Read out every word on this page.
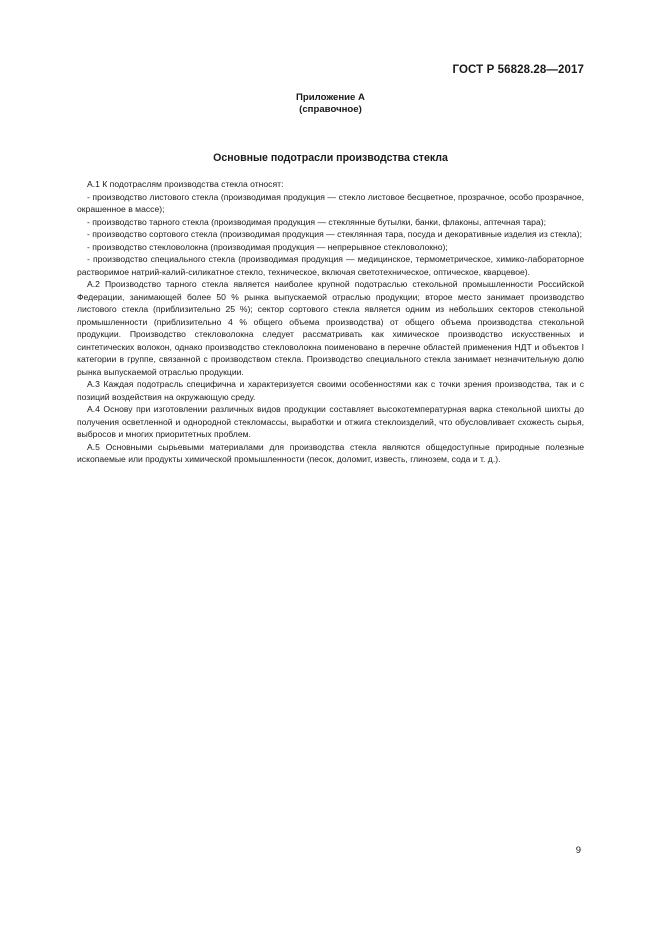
ГОСТ Р 56828.28—2017
Приложение А
(справочное)
Основные подотрасли производства стекла

А.1 К подотраслям производства стекла относят:

- производство листового стекла (производимая продукция — стекло листовое бесцветное, прозрачное, особо прозрачное, окрашенное в массе);

- производство тарного стекла (производимая продукция — стеклянные бутылки, банки, флаконы, аптечная тара);

- производство сортового стекла (производимая продукция — стеклянная тара, посуда и декоративные изделия из стекла);

- производство стекловолокна (производимая продукция — непрерывное стекловолокно);

- производство специального стекла (производимая продукция — медицинское, термометрическое, химико-лабораторное растворимое натрий-калий-силикатное стекло, техническое, включая светотехническое, оптическое, кварцевое).

А.2 Производство тарного стекла является наиболее крупной подотраслью стекольной промышленности Российской Федерации, занимающей более 50 % рынка выпускаемой отраслью продукции; второе место занимает производство листового стекла (приблизительно 25 %); сектор сортового стекла является одним из небольших секторов стекольной промышленности (приблизительно 4 % общего объема производства) от общего объема производства стекольной продукции. Производство стекловолокна следует рассматривать как химическое производство искусственных и синтетических волокон, однако производство стекловолокна поименовано в перечне областей применения НДТ и объектов I категории в группе, связанной с производством стекла. Производство специального стекла занимает незначительную долю рынка выпускаемой отраслью продукции.

А.3 Каждая подотрасль специфична и характеризуется своими особенностями как с точки зрения производства, так и с позиций воздействия на окружающую среду.

А.4 Основу при изготовлении различных видов продукции составляет высокотемпературная варка стекольной шихты до получения осветленной и однородной стекломассы, выработки и отжига стеклоизделий, что обусловливает схожесть сырья, выбросов и многих приоритетных проблем.

А.5 Основными сырьевыми материалами для производства стекла являются общедоступные природные полезные ископаемые или продукты химической промышленности (песок, доломит, известь, глинозем, сода и т. д.).

9
